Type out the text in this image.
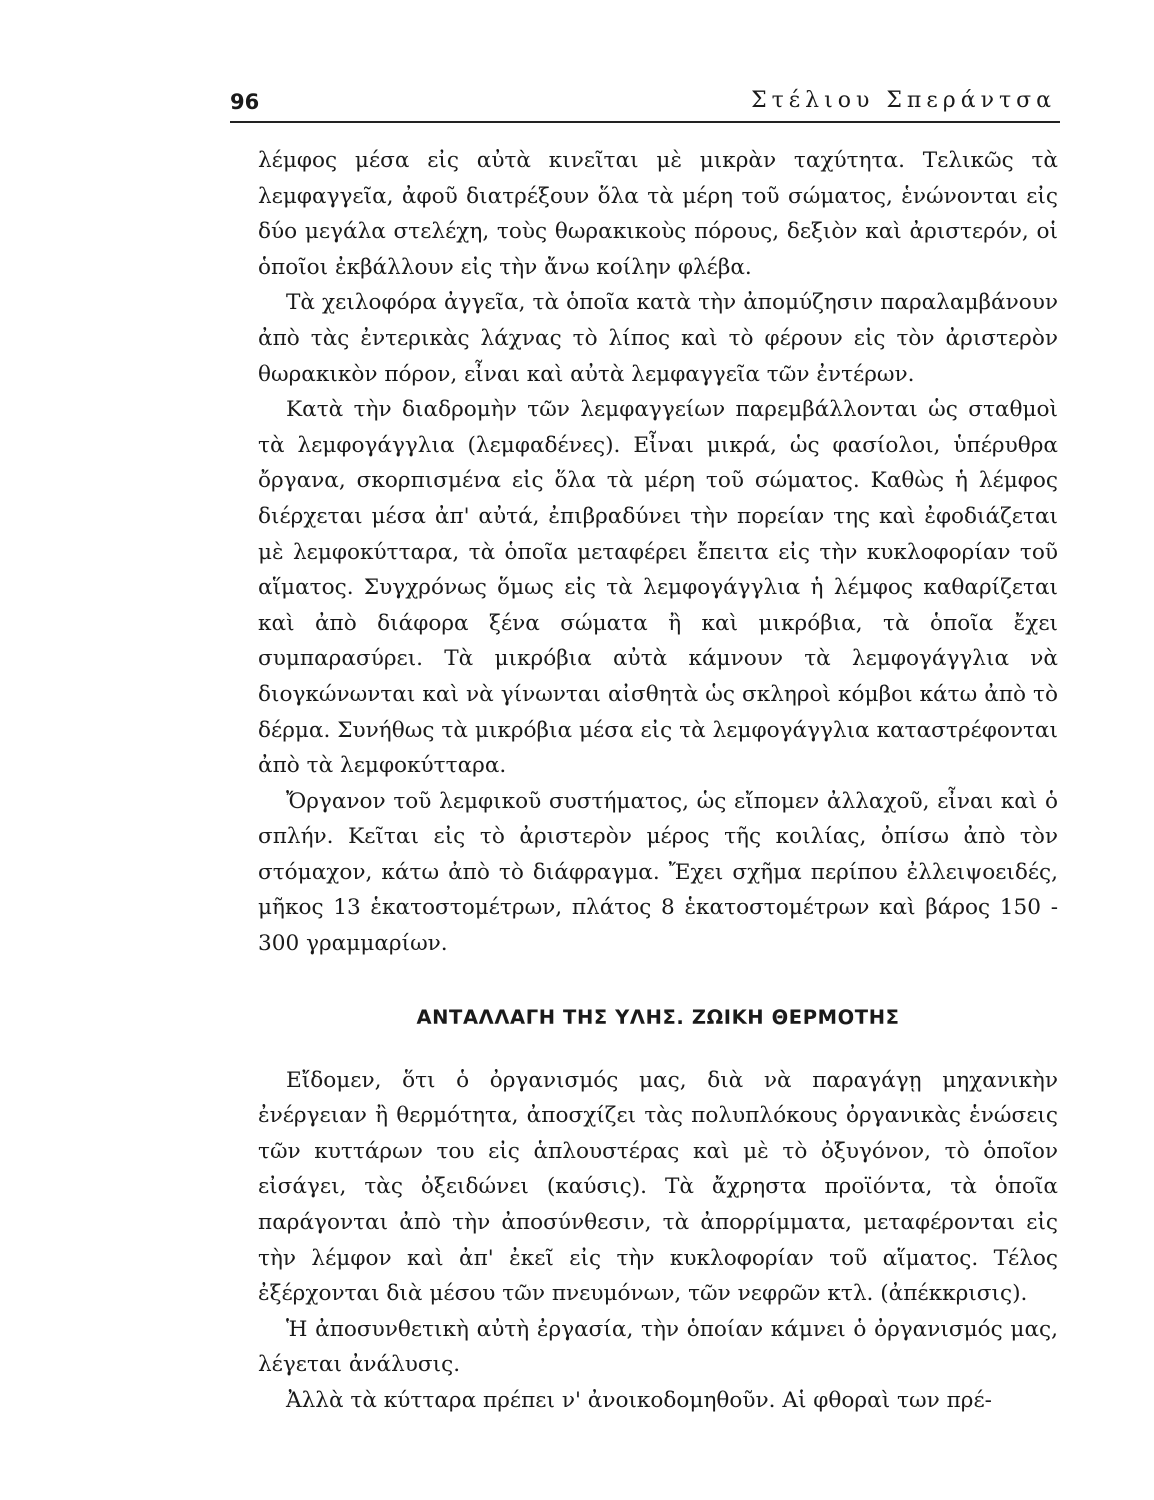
96	Στέλιου Σπεράντσα

λέμφος μέσα εἰς αὐτὰ κινεῖται μὲ μικρὰν ταχύτητα. Τελικῶς τὰ λεμφαγγεῖα, ἀφοῦ διατρέξουν ὅλα τὰ μέρη τοῦ σώματος, ἑνώνονται εἰς δύο μεγάλα στελέχη, τοὺς θωρακικοὺς πόρους, δεξιὸν καὶ ἀριστερόν, οἱ ὁποῖοι ἐκβάλλουν εἰς τὴν ἄνω κοίλην φλέβα.

Τὰ χειλοφόρα ἀγγεῖα, τὰ ὁποῖα κατὰ τὴν ἀπομύζησιν παραλαμβάνουν ἀπὸ τὰς ἐντερικὰς λάχνας τὸ λίπος καὶ τὸ φέρουν εἰς τὸν ἀριστερὸν θωρακικὸν πόρον, εἶναι καὶ αὐτὰ λεμφαγγεῖα τῶν ἐντέρων.

Κατὰ τὴν διαδρομὴν τῶν λεμφαγγείων παρεμβάλλονται ὡς σταθμοὶ τὰ λεμφογάγγλια (λεμφαδένες). Εἶναι μικρά, ὡς φασίολοι, ὑπέρυθρα ὄργανα, σκορπισμένα εἰς ὅλα τὰ μέρη τοῦ σώματος. Καθὼς ἡ λέμφος διέρχεται μέσα ἀπ' αὐτά, ἐπιβραδύνει τὴν πορείαν της καὶ ἐφοδιάζεται μὲ λεμφοκύτταρα, τὰ ὁποῖα μεταφέρει ἔπειτα εἰς τὴν κυκλοφορίαν τοῦ αἵματος. Συγχρόνως ὅμως εἰς τὰ λεμφογάγγλια ἡ λέμφος καθαρίζεται καὶ ἀπὸ διάφορα ξένα σώματα ἢ καὶ μικρόβια, τὰ ὁποῖα ἔχει συμπαρασύρει. Τὰ μικρόβια αὐτὰ κάμνουν τὰ λεμφογάγγλια νὰ διογκώνωνται καὶ νὰ γίνωνται αἰσθητὰ ὡς σκληροὶ κόμβοι κάτω ἀπὸ τὸ δέρμα. Συνήθως τὰ μικρόβια μέσα εἰς τὰ λεμφογάγγλια καταστρέφονται ἀπὸ τὰ λεμφοκύτταρα.

Ὄργανον τοῦ λεμφικοῦ συστήματος, ὡς εἴπομεν ἀλλαχοῦ, εἶναι καὶ ὁ σπλήν. Κεῖται εἰς τὸ ἀριστερὸν μέρος τῆς κοιλίας, ὀπίσω ἀπὸ τὸν στόμαχον, κάτω ἀπὸ τὸ διάφραγμα. Ἔχει σχῆμα περίπου ἐλλειψοειδές, μῆκος 13 ἑκατοστομέτρων, πλάτος 8 ἑκατοστομέτρων καὶ βάρος 150 - 300 γραμμαρίων.

ΑΝΤΑΛΛΑΓΗ ΤΗΣ ΥΛΗΣ. ΖΩΙΚΗ ΘΕΡΜΟΤΗΣ

Εἴδομεν, ὅτι ὁ ὀργανισμός μας, διὰ νὰ παραγάγῃ μηχανικὴν ἐνέργειαν ἢ θερμότητα, ἀποσχίζει τὰς πολυπλόκους ὀργανικὰς ἑνώσεις τῶν κυττάρων του εἰς ἁπλουστέρας καὶ μὲ τὸ ὀξυγόνον, τὸ ὁποῖον εἰσάγει, τὰς ὀξειδώνει (καύσις). Τὰ ἄχρηστα προϊόντα, τὰ ὁποῖα παράγονται ἀπὸ τὴν ἀποσύνθεσιν, τὰ ἀπορρίμματα, μεταφέρονται εἰς τὴν λέμφον καὶ ἀπ' ἐκεῖ εἰς τὴν κυκλοφορίαν τοῦ αἵματος. Τέλος ἐξέρχονται διὰ μέσου τῶν πνευμόνων, τῶν νεφρῶν κτλ. (ἀπέκκρισις).

Ἡ ἀποσυνθετικὴ αὐτὴ ἐργασία, τὴν ὁποίαν κάμνει ὁ ὀργανισμός μας, λέγεται ἀνάλυσις.

Ἀλλὰ τὰ κύτταρα πρέπει ν' ἀνοικοδομηθοῦν. Αἱ φθοραὶ των πρέ-
